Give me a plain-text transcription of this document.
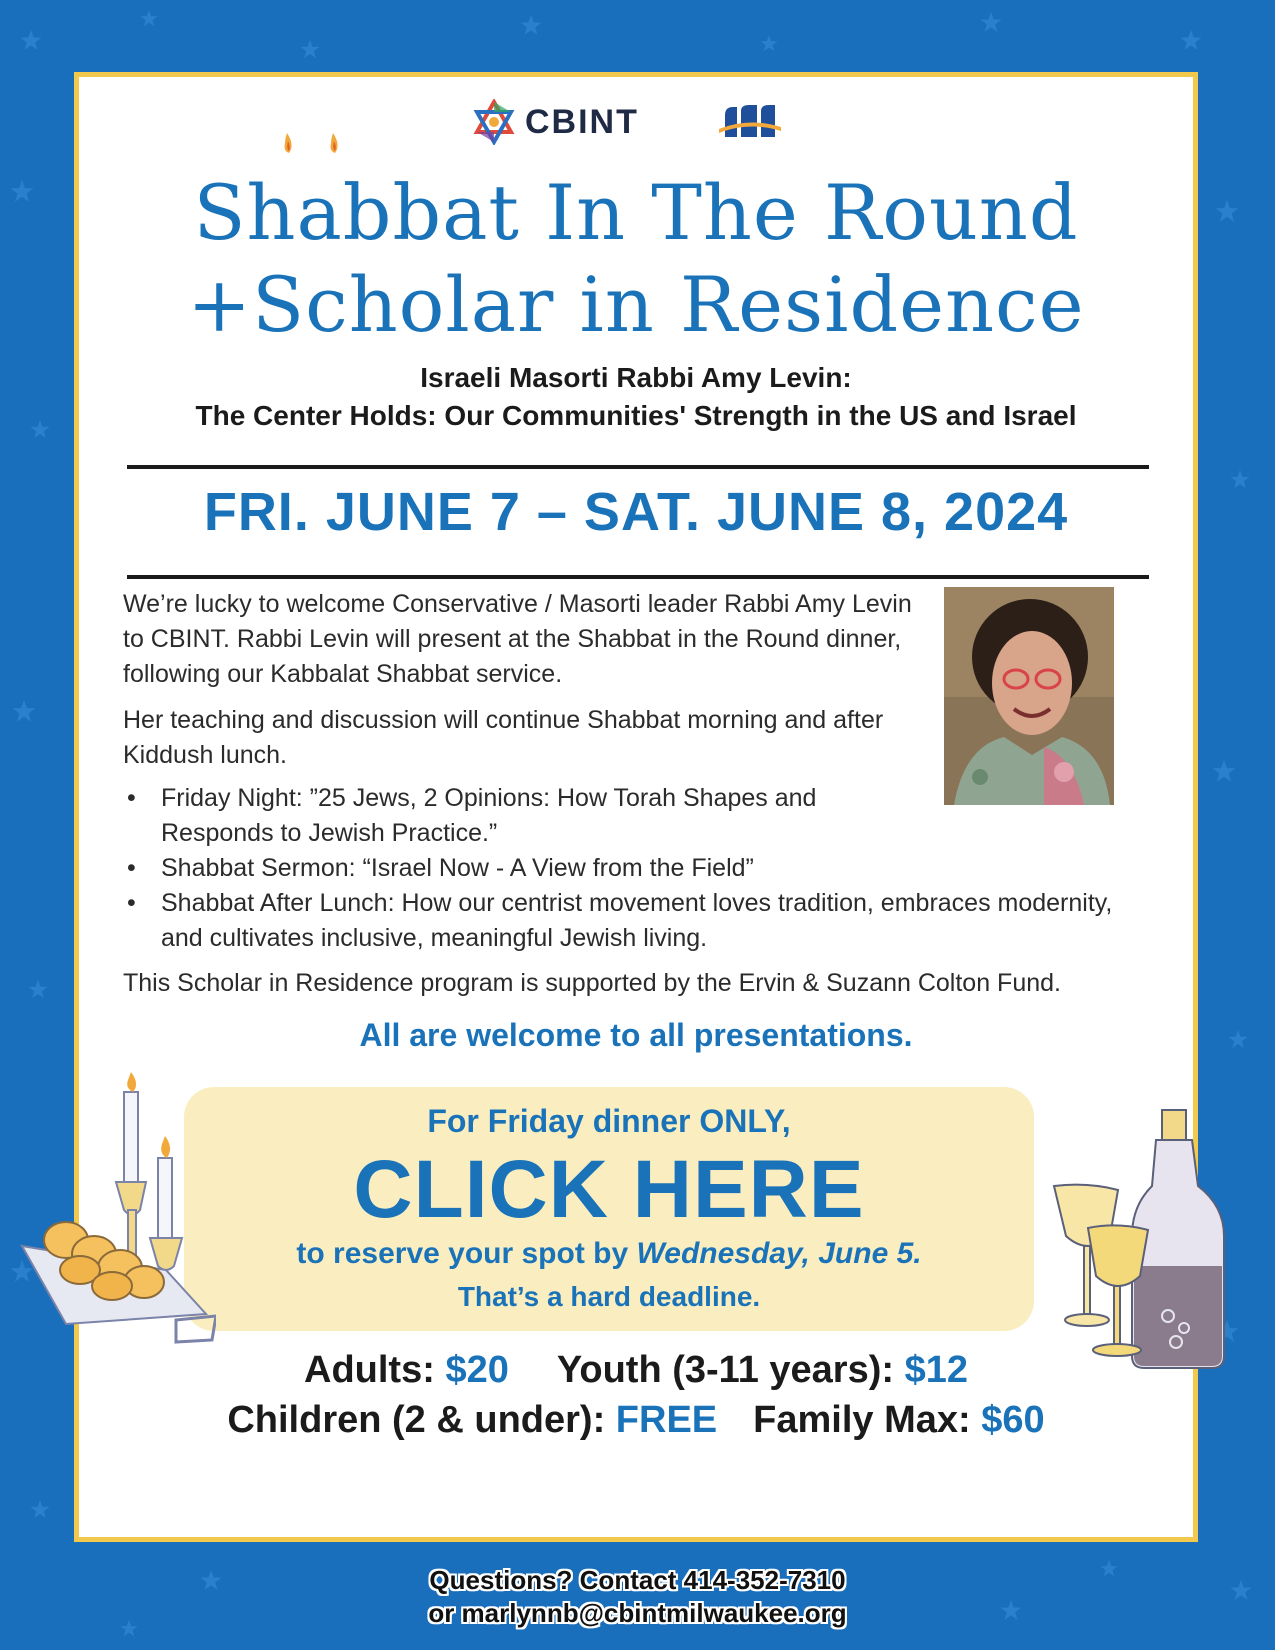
CBINT
Shabbat In The Round
+Scholar in Residence
Israeli Masorti Rabbi Amy Levin:
The Center Holds: Our Communities' Strength in the US and Israel
FRI. JUNE 7 – SAT. JUNE 8, 2024
We’re lucky to welcome Conservative / Masorti leader Rabbi Amy Levin to CBINT. Rabbi Levin will present at the Shabbat in the Round dinner, following our Kabbalat Shabbat service.
Her teaching and discussion will continue Shabbat morning and after Kiddush lunch.
• Friday Night: ”25 Jews, 2 Opinions: How Torah Shapes and Responds to Jewish Practice.”
• Shabbat Sermon: “Israel Now - A View from the Field”
• Shabbat After Lunch: How our centrist movement loves tradition, embraces modernity, and cultivates inclusive, meaningful Jewish living.
This Scholar in Residence program is supported by the Ervin & Suzann Colton Fund.
All are welcome to all presentations.
For Friday dinner ONLY,
CLICK HERE
to reserve your spot by Wednesday, June 5.
That’s a hard deadline.
Adults: $20 Youth (3-11 years): $12
Children (2 & under): FREE Family Max: $60
Questions? Contact 414-352-7310
or marlynnb@cbintmilwaukee.org
